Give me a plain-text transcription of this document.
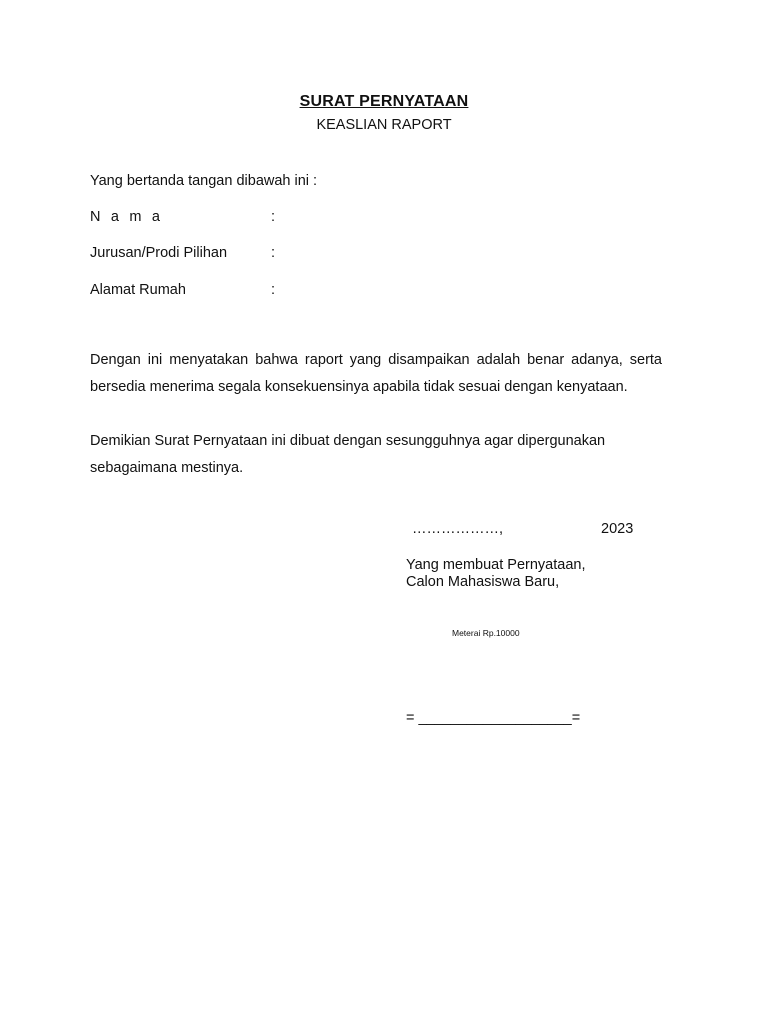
SURAT PERNYATAAN
KEASLIAN RAPORT
Yang bertanda tangan dibawah ini :
N a m a	:
Jurusan/Prodi Pilihan	:
Alamat Rumah	:

Dengan ini menyatakan bahwa raport yang disampaikan adalah benar adanya, serta
bersedia menerima segala konsekuensinya apabila tidak sesuai dengan kenyataan.

Demikian Surat Pernyataan ini dibuat dengan sesungguhnya agar dipergunakan
sebagaimana mestinya.

………………,	2023
Yang membuat Pernyataan,
Calon Mahasiswa Baru,
Meterai Rp.10000
= ___________________=
